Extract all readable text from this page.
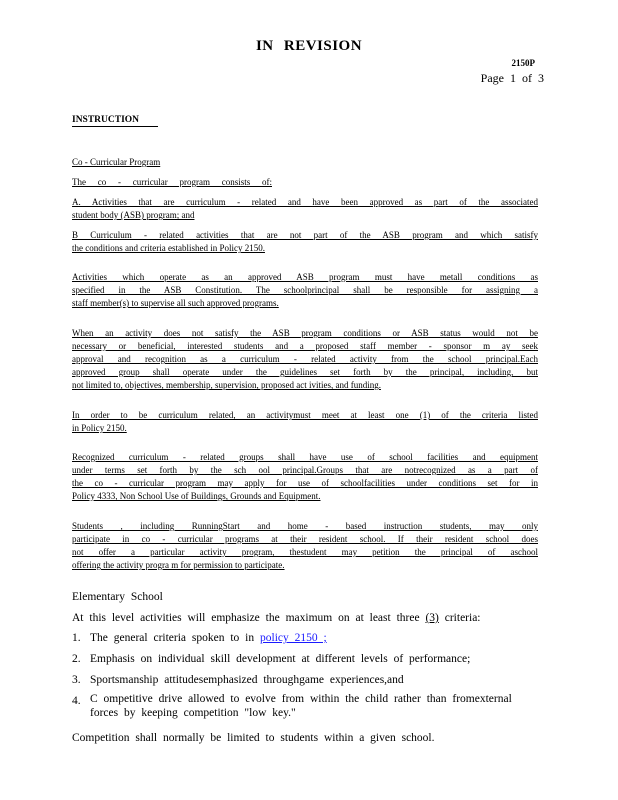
IN REVISION
2150P
Page 1 of 3
INSTRUCTION
Co - Curricular Program
The co - curricular program consists of:
A. Activities that are curriculum - related and have been approved as part of the associated
student body (ASB) program; and
B Curriculum - related activities that are not part of the ASB program and which satisfy
the conditions and criteria established in Policy 2150.
Activities which operate as an approved ASB program must have metall conditions as
specified in the ASB Constitution. The schoolprincipal shall be responsible for assigning a
staff member(s) to supervise all such approved programs.
When an activity does not satisfy the ASB program conditions or ASB status would not be
necessary or beneficial, interested students and a proposed staff member - sponsor m ay seek
approval and recognition as a curriculum - related activity from the school principal.Each
approved group shall operate under the guidelines set forth by the principal, including, but
not limited to, objectives, membership, supervision, proposed act ivities, and funding.
In order to be curriculum related, an activitymust meet at least one (1) of the criteria listed
in Policy 2150.
Recognized curriculum - related groups shall have use of school facilities and equipment
under terms set forth by the sch ool principal.Groups that are notrecognized as a part of
the co - curricular program may apply for use of schoolfacilities under conditions set for in
Policy 4333, Non School Use of Buildings, Grounds and Equipment.
Students , including RunningStart and home - based instruction students, may only
participate in co - curricular programs at their resident school. If their resident school does
not offer a particular activity program, thestudent may petition the principal of aschool
offering the activity progra m for permission to participate.
Elementary School
At this level activities will emphasize the maximum on at least three (3) criteria:
1. The general criteria spoken to in policy 2150 ;
2. Emphasis on individual skill development at different levels of performance;
3. Sportsmanship attitudesemphasized throughgame experiences,and
4. C ompetitive drive allowed to evolve from within the child rather than fromexternal forces by keeping competition "low key."
Competition shall normally be limited to students within a given school.
